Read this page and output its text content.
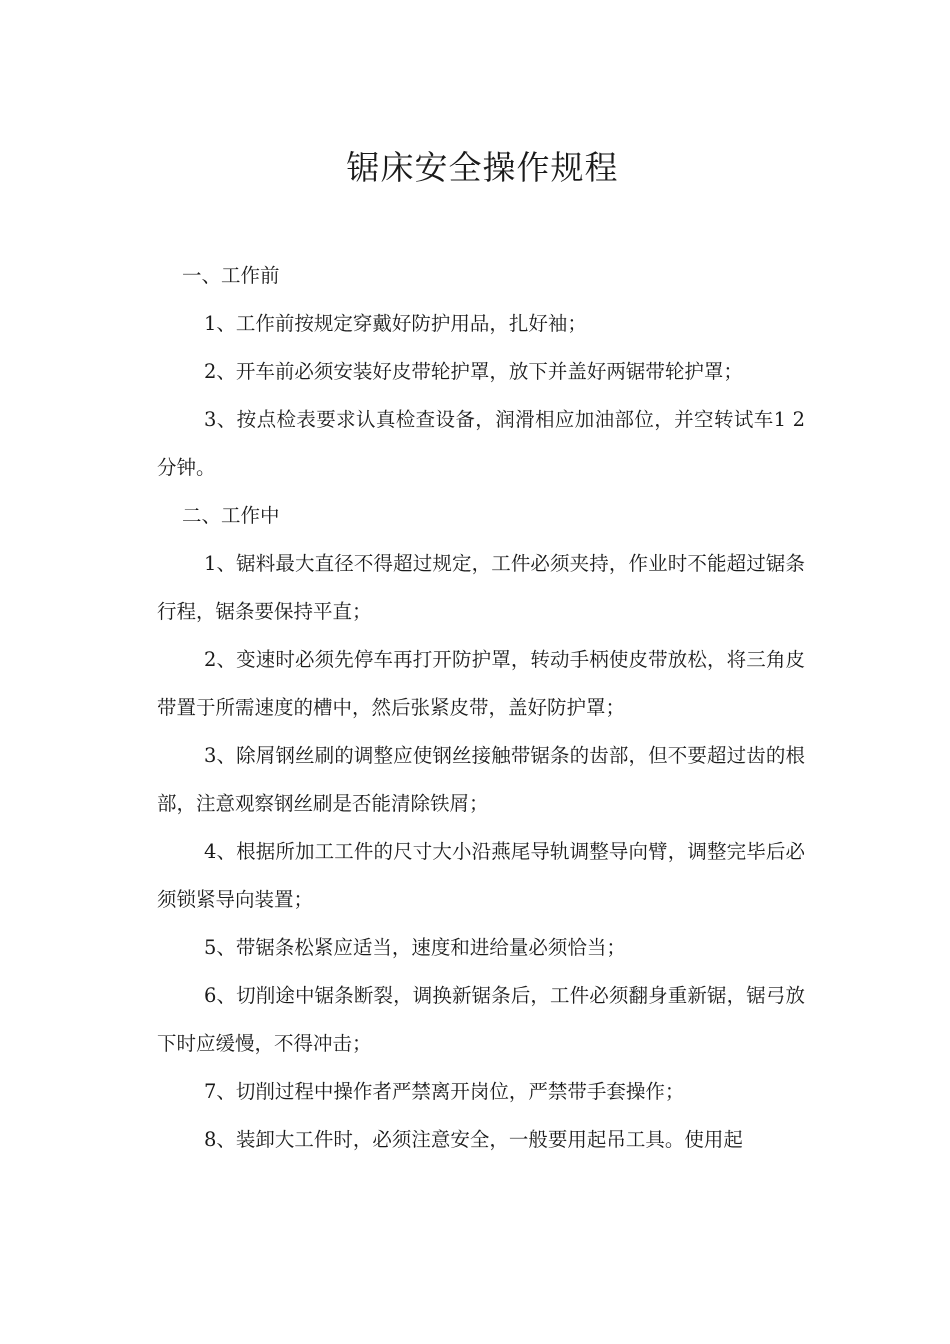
锯床安全操作规程

一、工作前

1、工作前按规定穿戴好防护用品，扎好袖；

2、开车前必须安装好皮带轮护罩，放下并盖好两锯带轮护罩；

3、按点检表要求认真检查设备，润滑相应加油部位，并空转试车1 2分钟。

二、工作中

1、锯料最大直径不得超过规定，工件必须夹持，作业时不能超过锯条行程，锯条要保持平直；

2、变速时必须先停车再打开防护罩，转动手柄使皮带放松，将三角皮带置于所需速度的槽中，然后张紧皮带，盖好防护罩；

3、除屑钢丝刷的调整应使钢丝接触带锯条的齿部，但不要超过齿的根部，注意观察钢丝刷是否能清除铁屑；

4、根据所加工工件的尺寸大小沿燕尾导轨调整导向臂，调整完毕后必须锁紧导向装置；

5、带锯条松紧应适当，速度和进给量必须恰当；

6、切削途中锯条断裂，调换新锯条后，工件必须翻身重新锯，锯弓放下时应缓慢，不得冲击；

7、切削过程中操作者严禁离开岗位，严禁带手套操作；

8、装卸大工件时，必须注意安全，一般要用起吊工具。使用起
